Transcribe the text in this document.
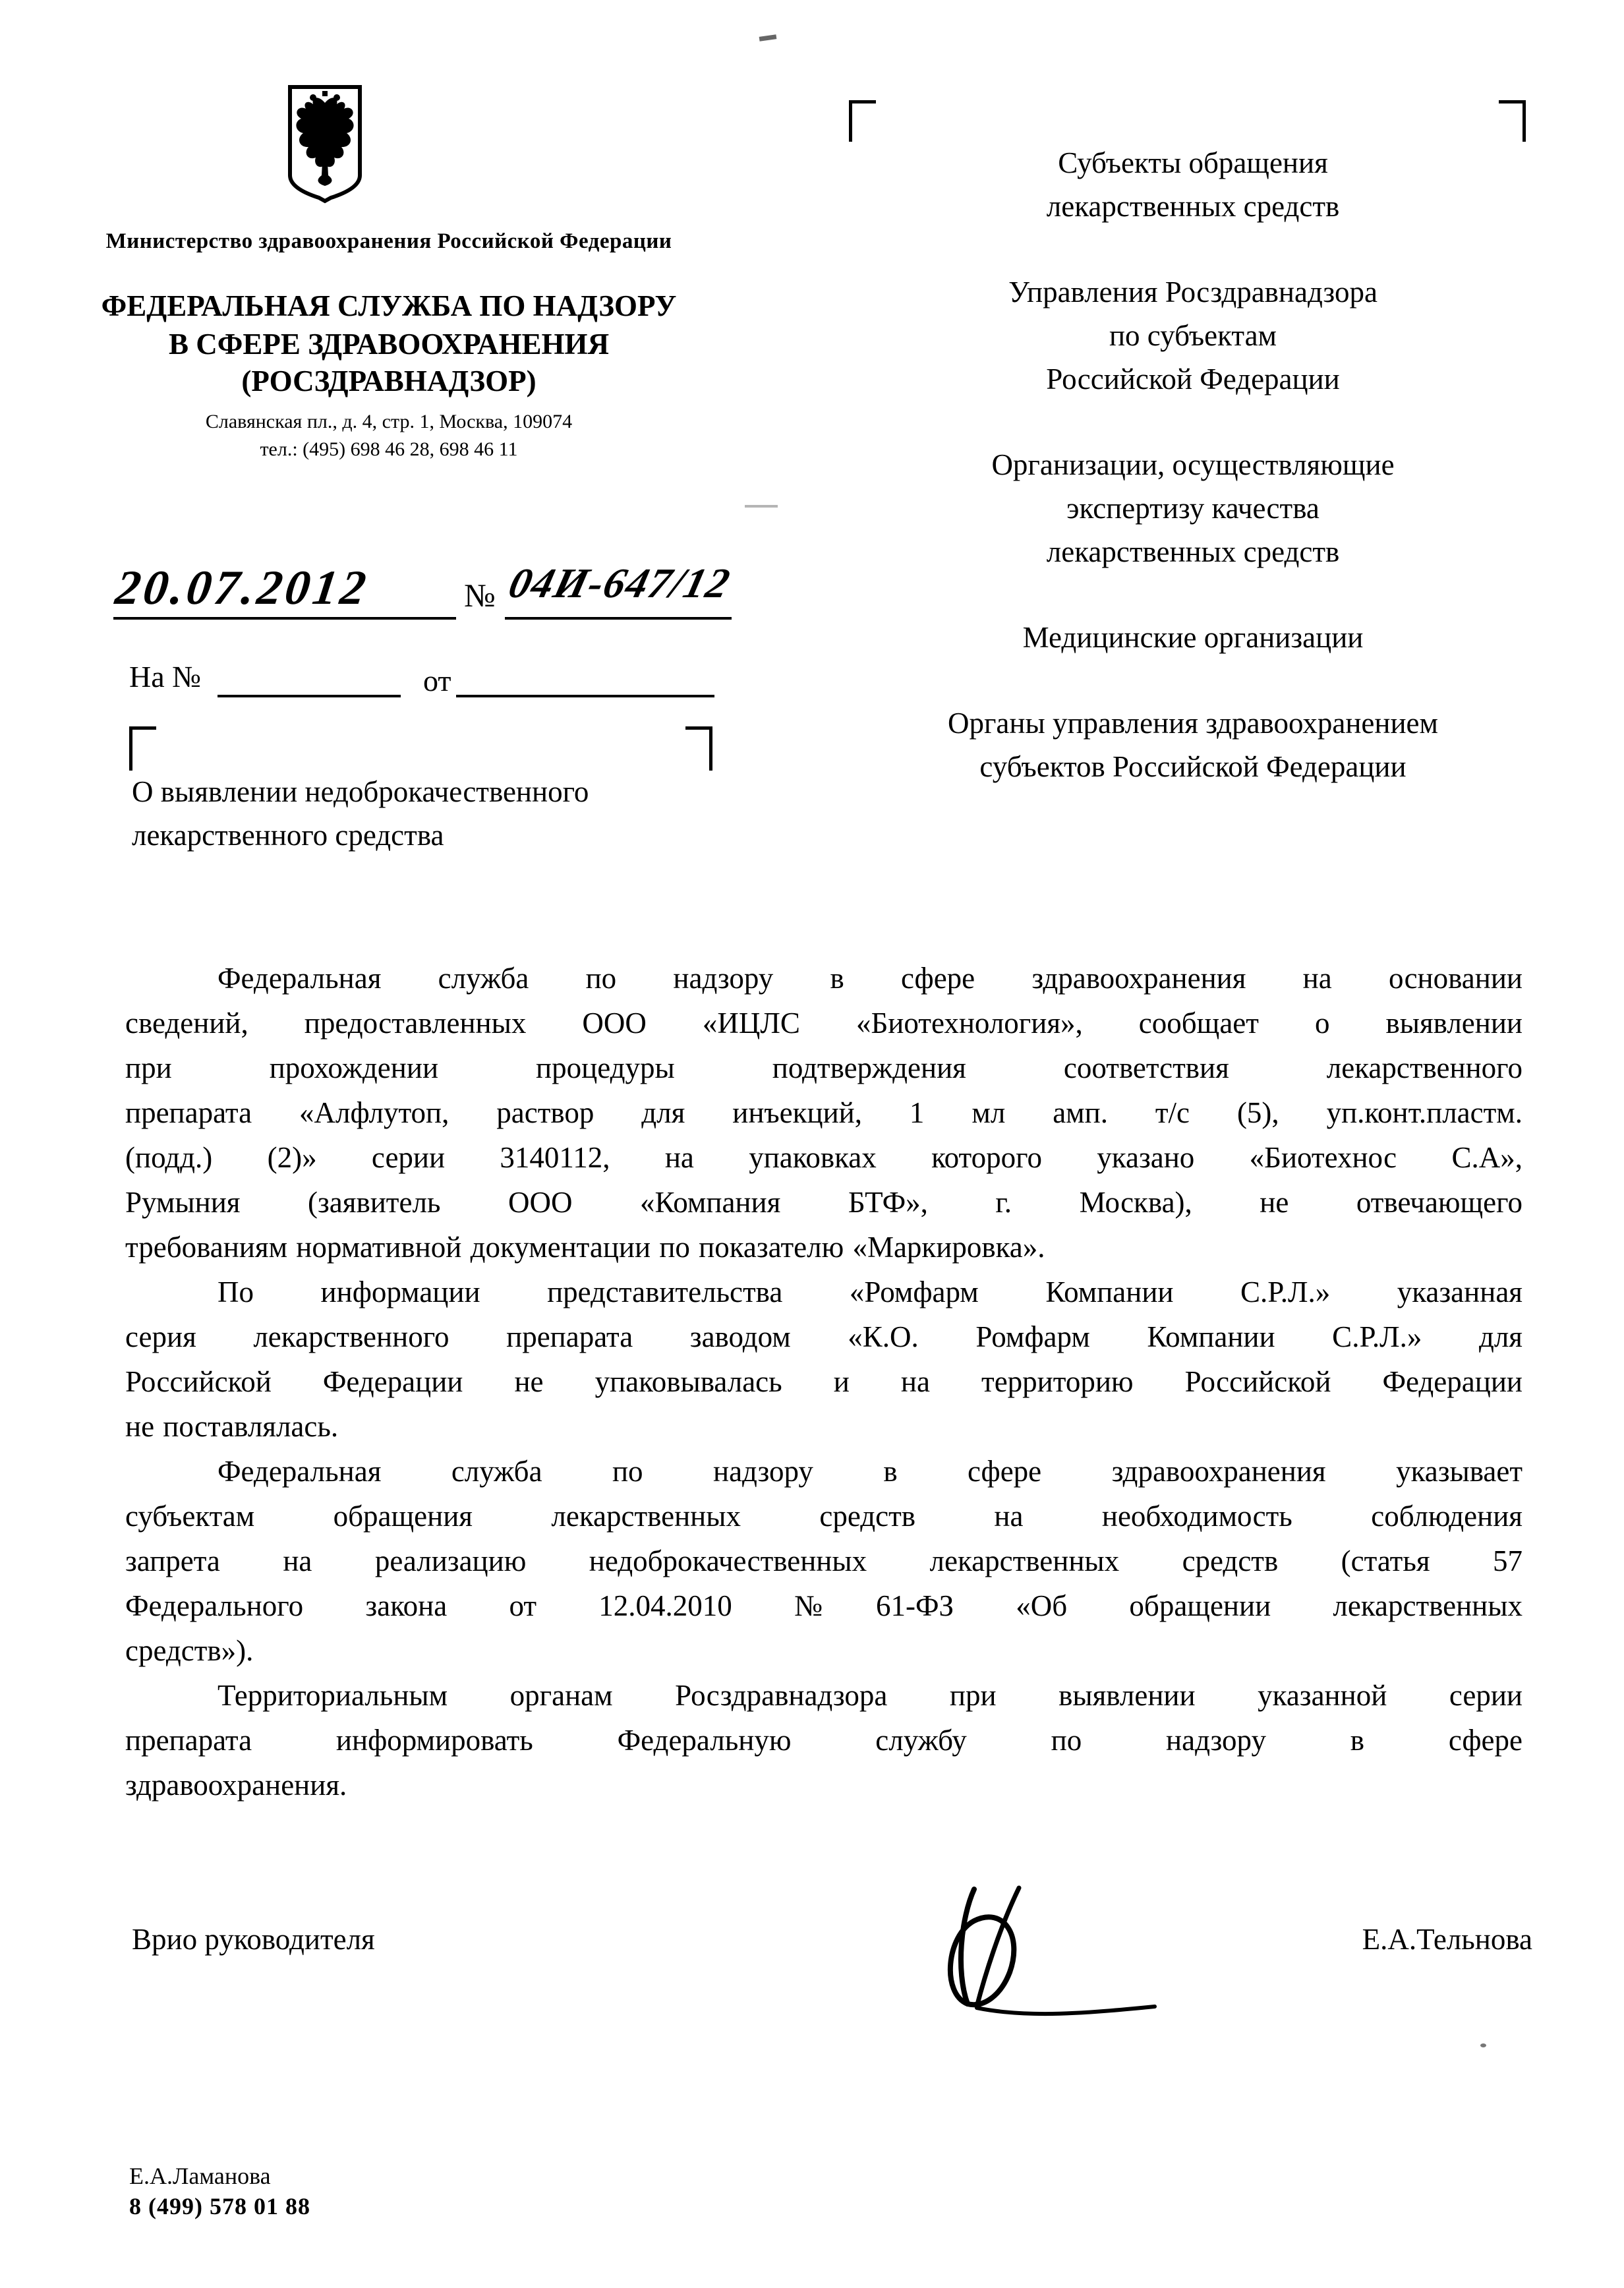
Министерство здравоохранения Российской Федерации
ФЕДЕРАЛЬНАЯ СЛУЖБА ПО НАДЗОРУ
В СФЕРЕ ЗДРАВООХРАНЕНИЯ
(РОСЗДРАВНАДЗОР)
Славянская пл., д. 4, стр. 1, Москва, 109074
тел.: (495) 698 46 28, 698 46 11
20.07.2012	№ 04И-647/12
На №	от
О выявлении недоброкачественного
лекарственного средства
Субъекты обращения
лекарственных средств
Управления Росздравнадзора
по субъектам
Российской Федерации
Организации, осуществляющие
экспертизу качества
лекарственных средств
Медицинские организации
Органы управления здравоохранением
субъектов Российской Федерации
Федеральная служба по надзору в сфере здравоохранения на основании
сведений, предоставленных ООО «ИЦЛС «Биотехнология», сообщает о выявлении
при прохождении процедуры подтверждения соответствия лекарственного
препарата «Алфлутоп, раствор для инъекций, 1 мл амп. т/с (5), уп.конт.пластм.
(подд.) (2)» серии 3140112, на упаковках которого указано «Биотехнос С.А»,
Румыния (заявитель ООО «Компания БТФ», г. Москва), не отвечающего
требованиям нормативной документации по показателю «Маркировка».
По информации представительства «Ромфарм Компании С.Р.Л.» указанная
серия лекарственного препарата заводом «К.О. Ромфарм Компании С.Р.Л.» для
Российской Федерации не упаковывалась и на территорию Российской Федерации
не поставлялась.
Федеральная служба по надзору в сфере здравоохранения указывает
субъектам обращения лекарственных средств на необходимость соблюдения
запрета на реализацию недоброкачественных лекарственных средств (статья 57
Федерального закона от 12.04.2010 №61-ФЗ «Об обращении лекарственных
средств»).
Территориальным органам Росздравнадзора при выявлении указанной серии
препарата информировать Федеральную службу по надзору в сфере
здравоохранения.
Врио руководителя	Е.А.Тельнова
Е.А.Ламанова
8 (499) 578 01 88
